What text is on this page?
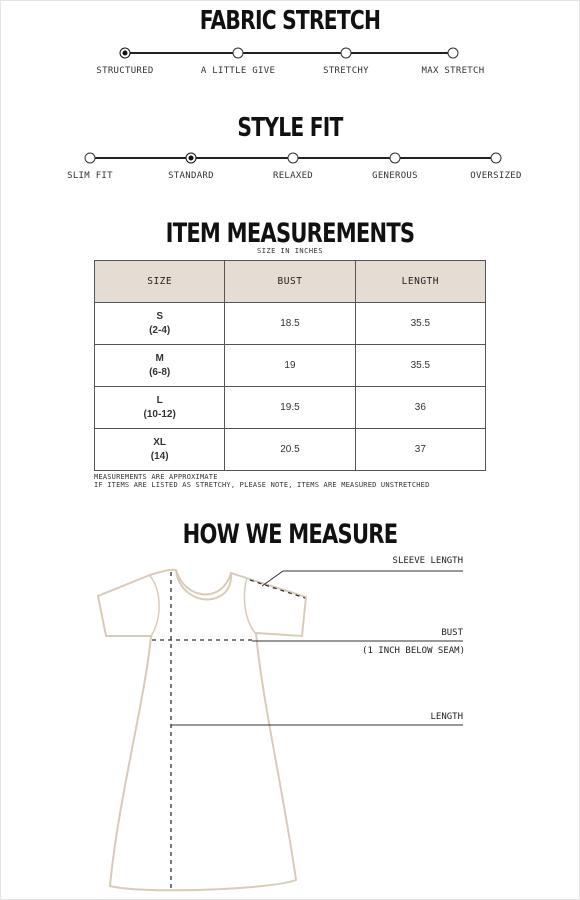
FABRIC STRETCH
STRUCTURED	A LITTLE GIVE	STRETCHY	MAX STRETCH
STYLE FIT
SLIM FIT	STANDARD	RELAXED	GENEROUS	OVERSIZED
ITEM MEASUREMENTS
SIZE IN INCHES
SIZE	BUST	LENGTH

S
(2-4)	18.5	35.5

M
(6-8)	19	35.5

L
(10-12)	19.5	36

XL
(14)	20.5	37
MEASUREMENTS ARE APPROXIMATE
IF ITEMS ARE LISTED AS STRETCHY, PLEASE NOTE, ITEMS ARE MEASURED UNSTRETCHED
HOW WE MEASURE
SLEEVE LENGTH
BUST
(1 INCH BELOW SEAM)
LENGTH
